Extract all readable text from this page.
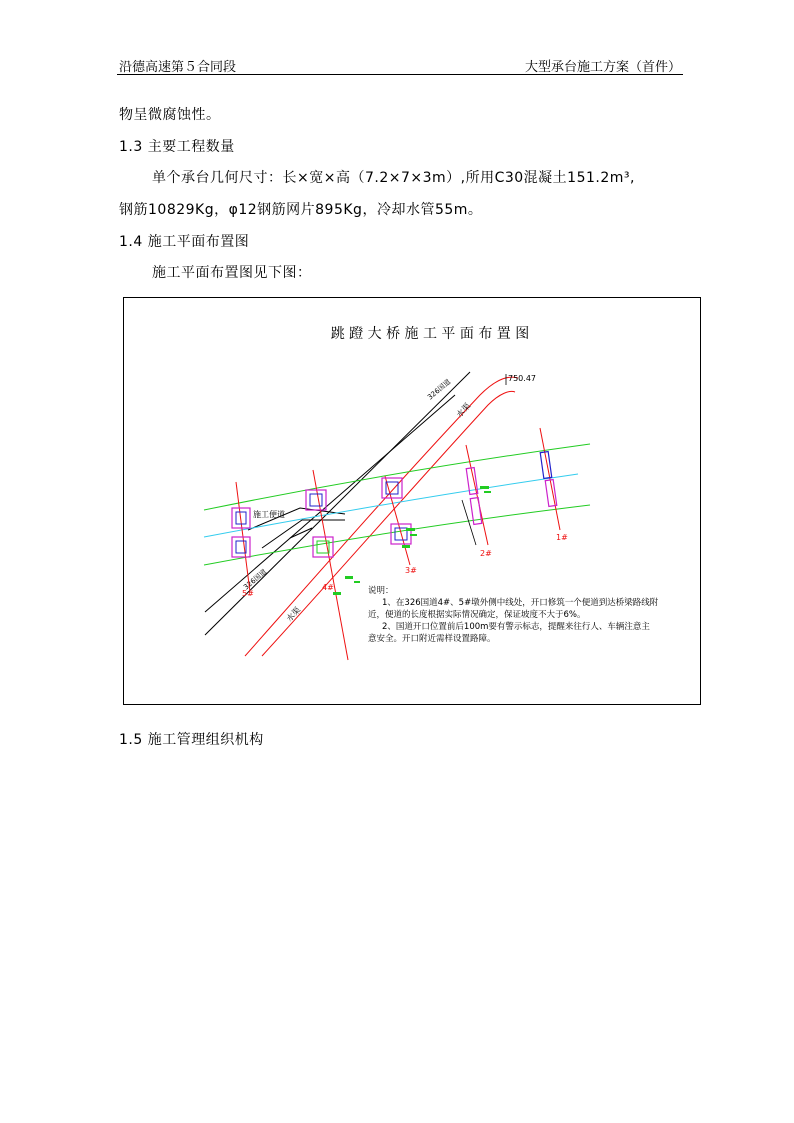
沿德高速第５合同段	大型承台施工方案（首件）
物呈微腐蚀性。
1.3 主要工程数量
单个承台几何尺寸：长×宽×高（7.2×7×3m）,所用C30混凝土151.2m³,
钢筋10829Kg，φ12钢筋网片895Kg，冷却水管55m。
1.4 施工平面布置图
施工平面布置图见下图：
跳 蹬 大 桥 施 工 平 面 布 置 图
326国道
326国道
施工便道
水渠
水渠
750.47
5#
4#
3#
2#
1#
说明：
1、在326国道4#、5#墩外侧中线处，开口修筑一个便道到达桥梁路线附
近，便道的长度根据实际情况确定，保证坡度不大于6%。
2、国道开口位置前后100m要有警示标志，提醒来往行人、车辆注意主
意安全。开口附近需样设置路障。
1.5 施工管理组织机构
